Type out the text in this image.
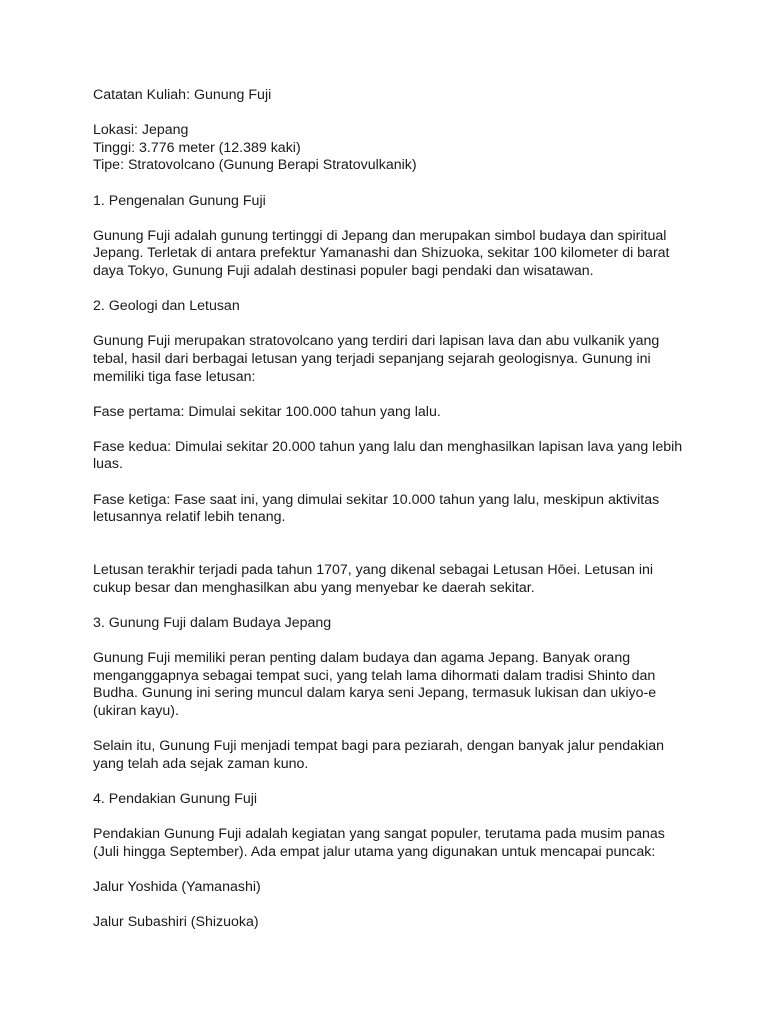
Catatan Kuliah: Gunung Fuji

Lokasi: Jepang

Tinggi: 3.776 meter (12.389 kaki)

Tipe: Stratovolcano (Gunung Berapi Stratovulkanik)

1. Pengenalan Gunung Fuji

Gunung Fuji adalah gunung tertinggi di Jepang dan merupakan simbol budaya dan spiritual Jepang. Terletak di antara prefektur Yamanashi dan Shizuoka, sekitar 100 kilometer di barat daya Tokyo, Gunung Fuji adalah destinasi populer bagi pendaki dan wisatawan.

2. Geologi dan Letusan

Gunung Fuji merupakan stratovolcano yang terdiri dari lapisan lava dan abu vulkanik yang tebal, hasil dari berbagai letusan yang terjadi sepanjang sejarah geologisnya. Gunung ini memiliki tiga fase letusan:

Fase pertama: Dimulai sekitar 100.000 tahun yang lalu.

Fase kedua: Dimulai sekitar 20.000 tahun yang lalu dan menghasilkan lapisan lava yang lebih luas.

Fase ketiga: Fase saat ini, yang dimulai sekitar 10.000 tahun yang lalu, meskipun aktivitas letusannya relatif lebih tenang.

Letusan terakhir terjadi pada tahun 1707, yang dikenal sebagai Letusan Hōei. Letusan ini cukup besar dan menghasilkan abu yang menyebar ke daerah sekitar.

3. Gunung Fuji dalam Budaya Jepang

Gunung Fuji memiliki peran penting dalam budaya dan agama Jepang. Banyak orang menganggapnya sebagai tempat suci, yang telah lama dihormati dalam tradisi Shinto dan Budha. Gunung ini sering muncul dalam karya seni Jepang, termasuk lukisan dan ukiyo-e (ukiran kayu).

Selain itu, Gunung Fuji menjadi tempat bagi para peziarah, dengan banyak jalur pendakian yang telah ada sejak zaman kuno.

4. Pendakian Gunung Fuji

Pendakian Gunung Fuji adalah kegiatan yang sangat populer, terutama pada musim panas (Juli hingga September). Ada empat jalur utama yang digunakan untuk mencapai puncak:

Jalur Yoshida (Yamanashi)

Jalur Subashiri (Shizuoka)
